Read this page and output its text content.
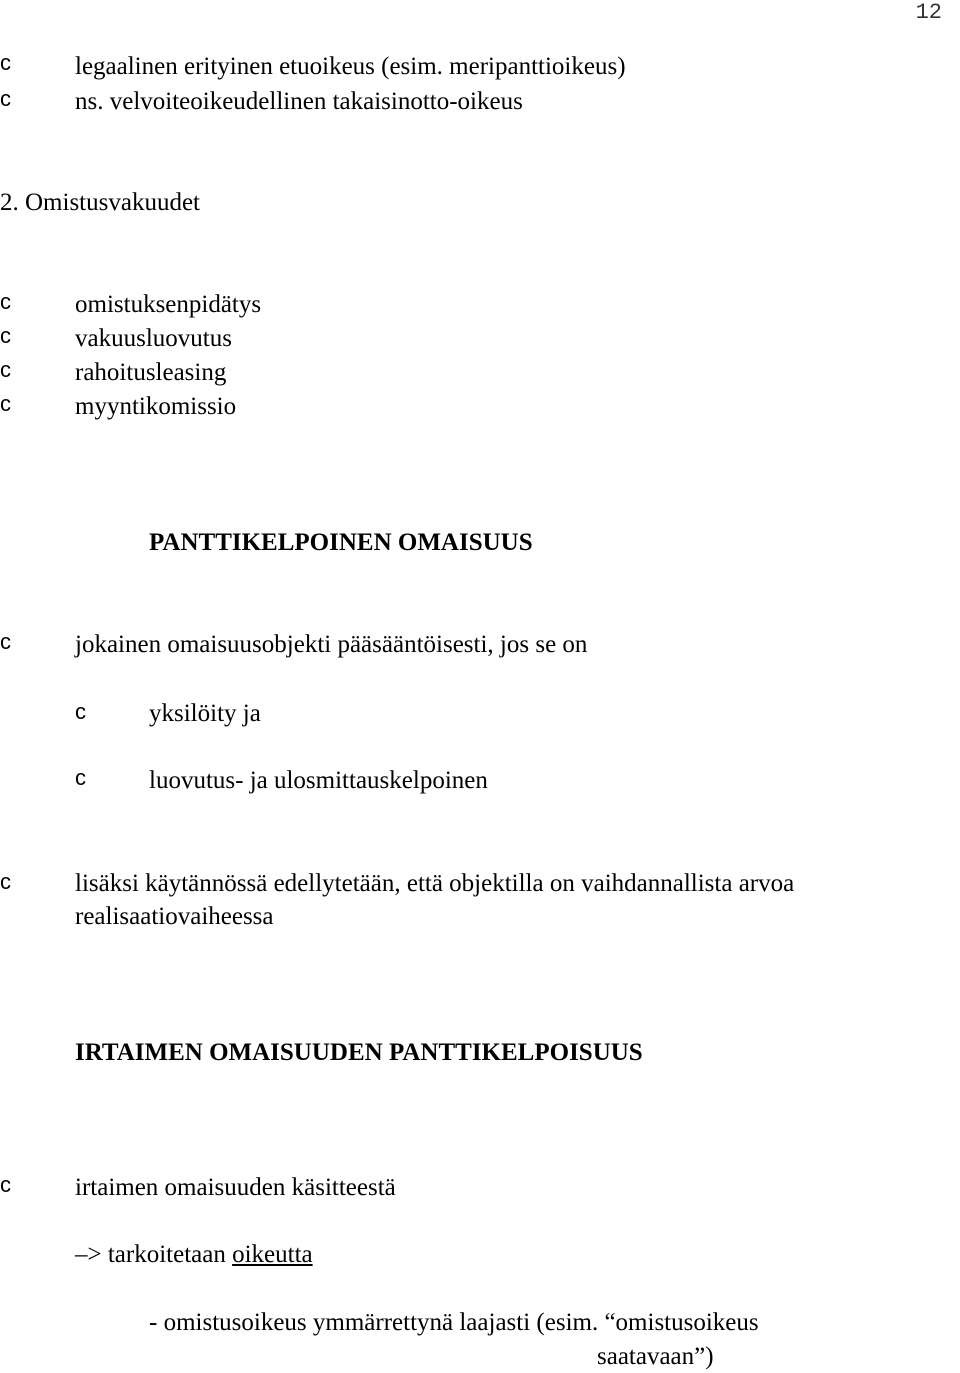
12
c	legaalinen erityinen etuoikeus (esim. meripanttioikeus)
c	ns. velvoiteoikeudellinen takaisinotto-oikeus
2. Omistusvakuudet
c	omistuksenpidätys
c	vakuusluovutus
c	rahoitusleasing
c	myyntikomissio
PANTTIKELPOINEN OMAISUUS
c	jokainen omaisuusobjekti pääsääntöisesti, jos se on
c	yksilöity ja
c	luovutus- ja ulosmittauskelpoinen
c	lisäksi käytännössä edellytetään, että objektilla on vaihdannallista arvoa
realisaatiovaiheessa
IRTAIMEN OMAISUUDEN PANTTIKELPOISUUS
c	irtaimen omaisuuden käsitteestä
–> tarkoitetaan oikeutta
- omistusoikeus ymmärrettynä laajasti (esim. “omistusoikeus
saatavaan”)
